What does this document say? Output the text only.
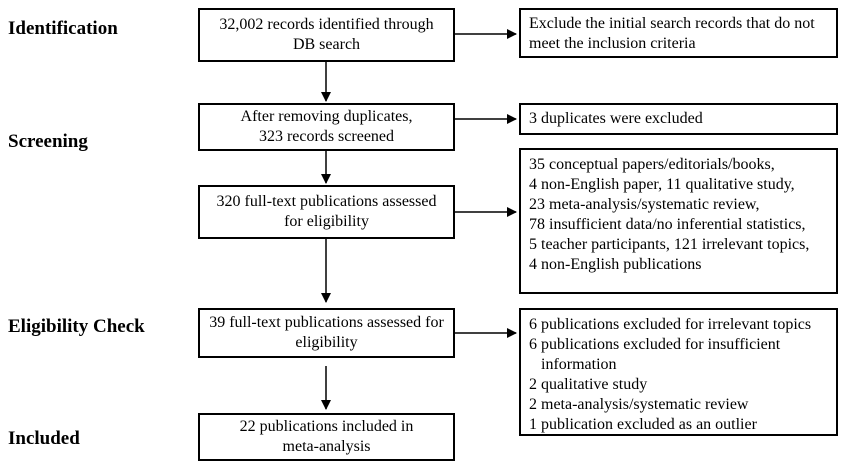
Identification
Screening
Eligibility Check
Included
32,002 records identified through
DB search
After removing duplicates,
323 records screened
320 full-text publications assessed
for eligibility
39 full-text publications assessed for
eligibility
22 publications included in
meta-analysis
Exclude the initial search records that do not
meet the inclusion criteria
3 duplicates were excluded
35 conceptual papers/editorials/books,
4 non-English paper, 11 qualitative study,
23 meta-analysis/systematic review,
78 insufficient data/no inferential statistics,
5 teacher participants, 121 irrelevant topics,
4 non-English publications
6 publications excluded for irrelevant topics
6 publications excluded for insufficient
information
2 qualitative study
2 meta-analysis/systematic review
1 publication excluded as an outlier
